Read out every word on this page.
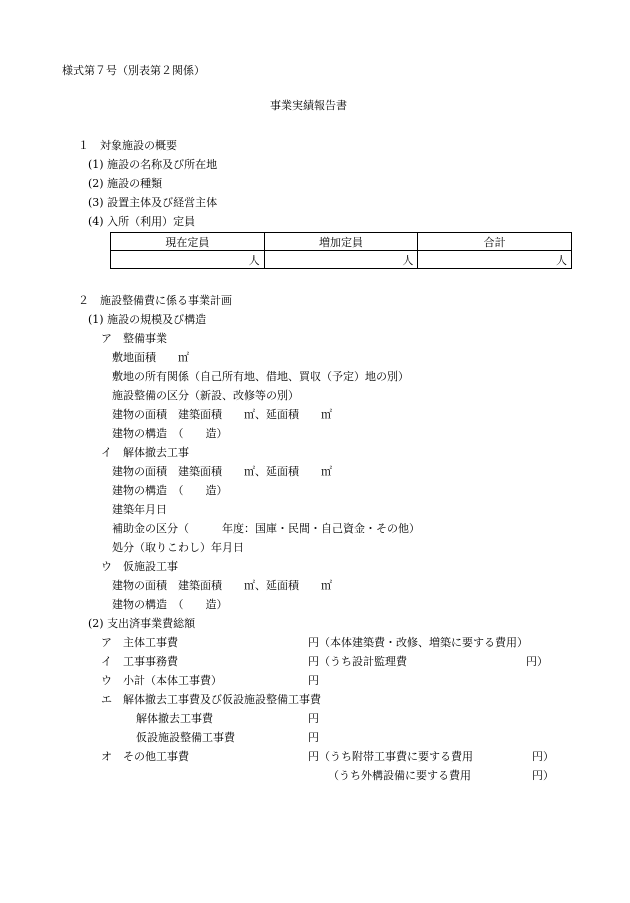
様式第７号（別表第２関係）
事業実績報告書
１　対象施設の概要
(1) 施設の名称及び所在地
(2) 施設の種類
(3) 設置主体及び経営主体
(4) 入所（利用）定員
現在定員	増加定員	合計
人	人	人
２　施設整備費に係る事業計画
(1) 施設の規模及び構造
ア　整備事業
敷地面積　　㎡
敷地の所有関係（自己所有地、借地、買収（予定）地の別）
施設整備の区分（新設、改修等の別）
建物の面積　建築面積　　㎡、延面積　　㎡
建物の構造　（　　造）
イ　解体撤去工事
建物の面積　建築面積　　㎡、延面積　　㎡
建物の構造　（　　造）
建築年月日
補助金の区分（　　　年度：国庫・民間・自己資金・その他）
処分（取りこわし）年月日
ウ　仮施設工事
建物の面積　建築面積　　㎡、延面積　　㎡
建物の構造　（　　造）
(2) 支出済事業費総額
ア　主体工事費	円（本体建築費・改修、増築に要する費用）
イ　工事事務費	円（うち設計監理費	円）
ウ　小計（本体工事費）	円
エ　解体撤去工事費及び仮設施設整備工事費
解体撤去工事費	円
仮設施設整備工事費	円
オ　その他工事費	円（うち附帯工事費に要する費用	円）
（うち外構設備に要する費用	円）
